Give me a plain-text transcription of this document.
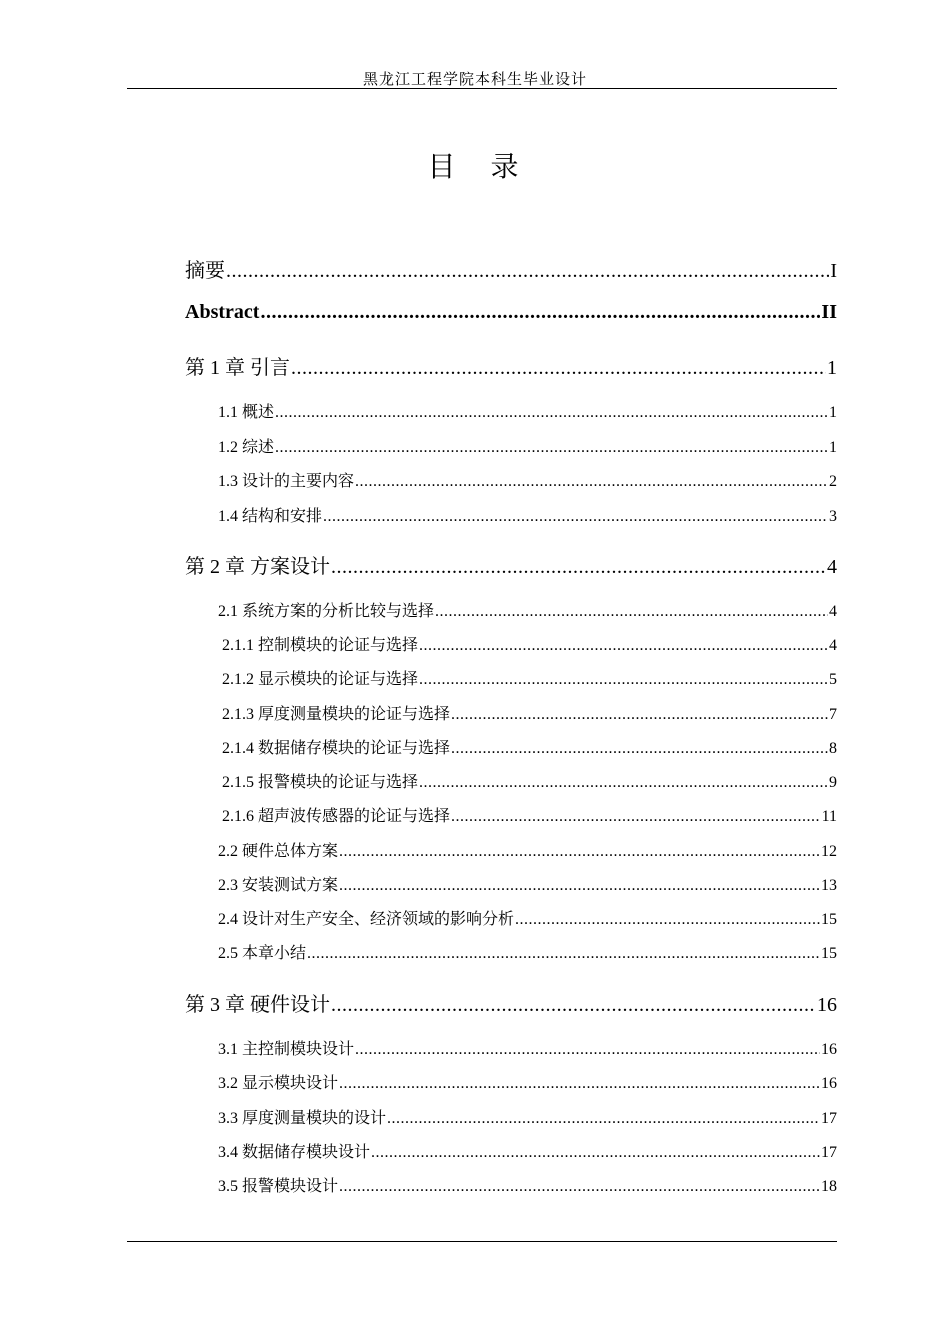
黑龙江工程学院本科生毕业设计
目 录
摘要 .....	I
Abstract .....	II
第 1 章 引言 .....	1
1.1 概述 .....	1
1.2 综述 .....	1
1.3 设计的主要内容 .....	2
1.4 结构和安排 .....	3
第 2 章 方案设计 .....	4
2.1 系统方案的分析比较与选择 .....	4
2.1.1 控制模块的论证与选择 .....	4
2.1.2 显示模块的论证与选择 .....	5
2.1.3 厚度测量模块的论证与选择 .....	7
2.1.4 数据储存模块的论证与选择 .....	8
2.1.5 报警模块的论证与选择 .....	9
2.1.6 超声波传感器的论证与选择 .....	11
2.2 硬件总体方案 .....	12
2.3 安装测试方案 .....	13
2.4 设计对生产安全、经济领域的影响分析 .....	15
2.5 本章小结 .....	15
第 3 章 硬件设计 .....	16
3.1 主控制模块设计 .....	16
3.2 显示模块设计 .....	16
3.3 厚度测量模块的设计 .....	17
3.4 数据储存模块设计 .....	17
3.5 报警模块设计 .....	18
